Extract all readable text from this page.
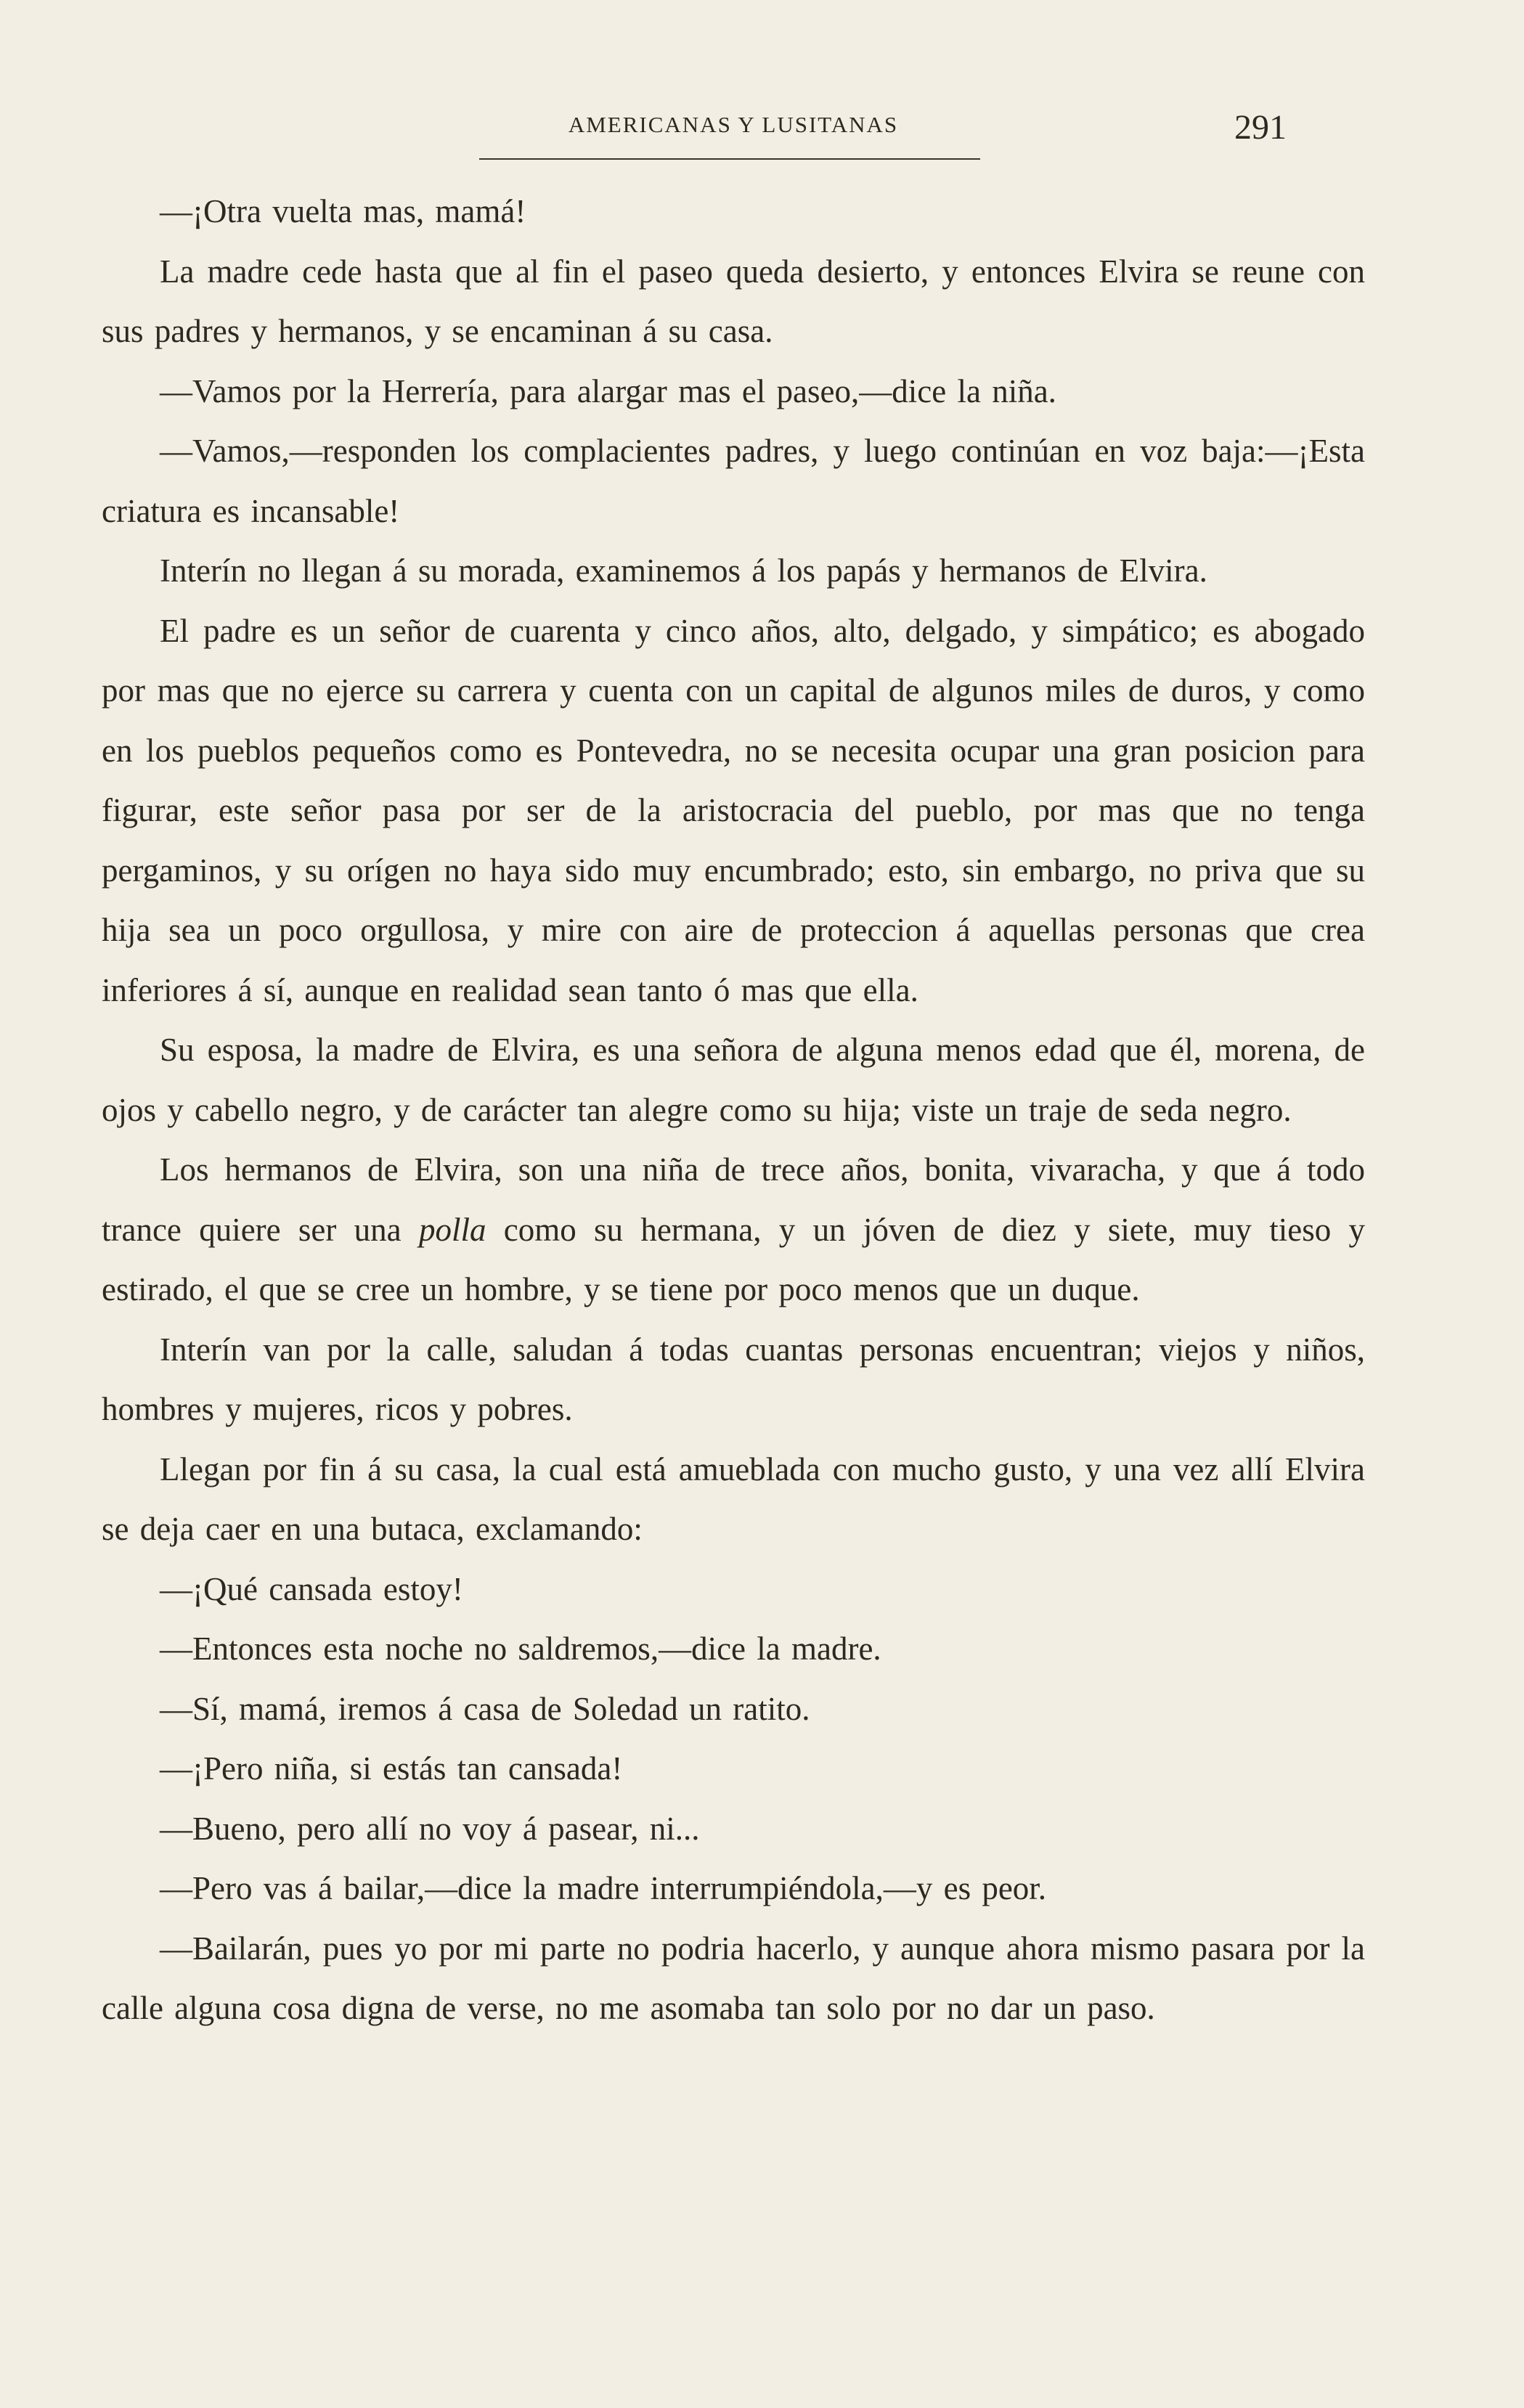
AMERICANAS Y LUSITANAS	291

—¡Otra vuelta mas, mamá!

La madre cede hasta que al fin el paseo queda desierto, y entonces Elvira se reune con sus padres y hermanos, y se encaminan á su casa.

—Vamos por la Herrería, para alargar mas el paseo,—dice la niña.

—Vamos,—responden los complacientes padres, y luego continúan en voz baja:—¡Esta criatura es incansable!

Interín no llegan á su morada, examinemos á los papás y hermanos de Elvira.

El padre es un señor de cuarenta y cinco años, alto, delgado, y simpático; es abogado por mas que no ejerce su carrera y cuenta con un capital de algunos miles de duros, y como en los pueblos pequeños como es Pontevedra, no se necesita ocupar una gran posicion para figurar, este señor pasa por ser de la aristocracia del pueblo, por mas que no tenga pergaminos, y su orígen no haya sido muy encumbrado; esto, sin embargo, no priva que su hija sea un poco orgullosa, y mire con aire de proteccion á aquellas personas que crea inferiores á sí, aunque en realidad sean tanto ó mas que ella.

Su esposa, la madre de Elvira, es una señora de alguna menos edad que él, morena, de ojos y cabello negro, y de carácter tan alegre como su hija; viste un traje de seda negro.

Los hermanos de Elvira, son una niña de trece años, bonita, vivaracha, y que á todo trance quiere ser una polla como su hermana, y un jóven de diez y siete, muy tieso y estirado, el que se cree un hombre, y se tiene por poco menos que un duque.

Interín van por la calle, saludan á todas cuantas personas encuentran; viejos y niños, hombres y mujeres, ricos y pobres.

Llegan por fin á su casa, la cual está amueblada con mucho gusto, y una vez allí Elvira se deja caer en una butaca, exclamando:

—¡Qué cansada estoy!

—Entonces esta noche no saldremos,—dice la madre.

—Sí, mamá, iremos á casa de Soledad un ratito.

—¡Pero niña, si estás tan cansada!

—Bueno, pero allí no voy á pasear, ni...

—Pero vas á bailar,—dice la madre interrumpiéndola,—y es peor.

—Bailarán, pues yo por mi parte no podria hacerlo, y aunque ahora mismo pasara por la calle alguna cosa digna de verse, no me asomaba tan solo por no dar un paso.
